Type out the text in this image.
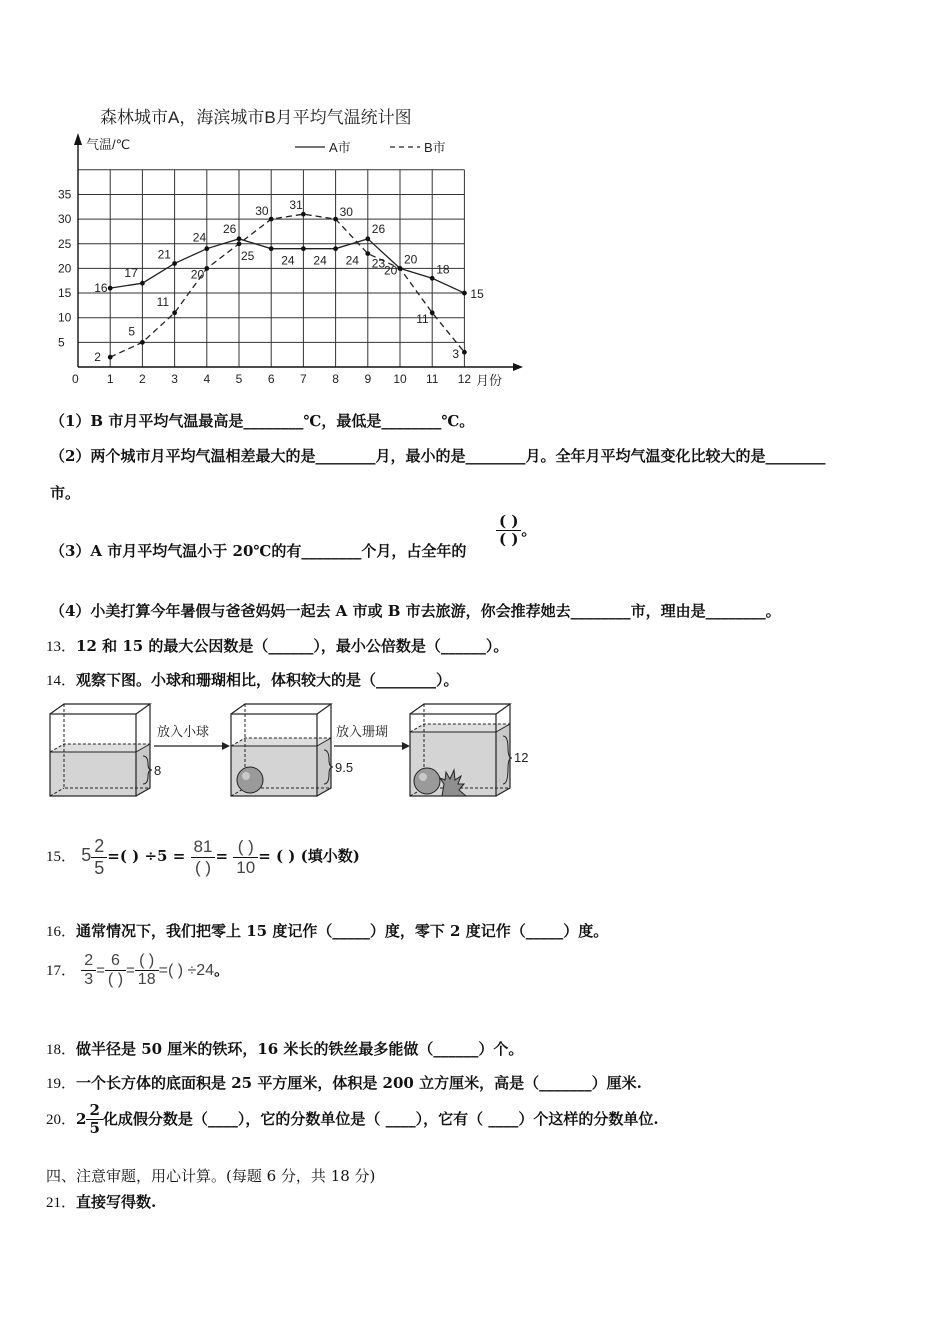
森林城市A，海滨城市B月平均气温统计图
气温/℃
月份
0
5
10
15
20
25
30
35
1 2 3 4 5 6 7 8 9 10 11 12
A市	B市
16
17
21
24
26
24 24 24
26
20
18
15
2
5
11
20
25
30 31	30
23
20
11
3
（1）B 市月平均气温最高是________℃，最低是________℃。
（2）两个城市月平均气温相差最大的是________月，最小的是________月。全年月平均气温变化比较大的是________
市。
（3）A 市月平均气温小于 20℃的有________个月，占全年的
$\frac{( )}{( )}$ 。
（4）小美打算今年暑假与爸爸妈妈一起去 A 市或 B 市去旅游，你会推荐她去________市，理由是________。
13．12 和 15 的最大公因数是（______），最小公倍数是（______）。
14．观察下图。小球和珊瑚相比，体积较大的是（________）。
8
放入小球
9.5
放入珊瑚
12
15． $5 \frac{2}{5}$ =( ) $\div 5 = \frac{81}{( )} = \frac{( )}{10}$ = ( ) (填小数)
16．通常情况下，我们把零上 15 度记作（_____）度，零下 2 度记作（_____）度。
17． $\frac{2}{3} = \frac{6}{( )} = \frac{( )}{18}$ =( ) ÷24。
18．做半径是 50 厘米的铁环，16 米长的铁丝最多能做（______）个。
19．一个长方体的底面积是 25 平方厘米，体积是 200 立方厘米，高是（_______）厘米.
20．$2 \frac{2}{5}$ 化成假分数是（____），它的分数单位是（ ____），它有（ ____）个这样的分数单位.
四、注意审题，用心计算。(每题 6 分，共 18 分)
21．直接写得数.
